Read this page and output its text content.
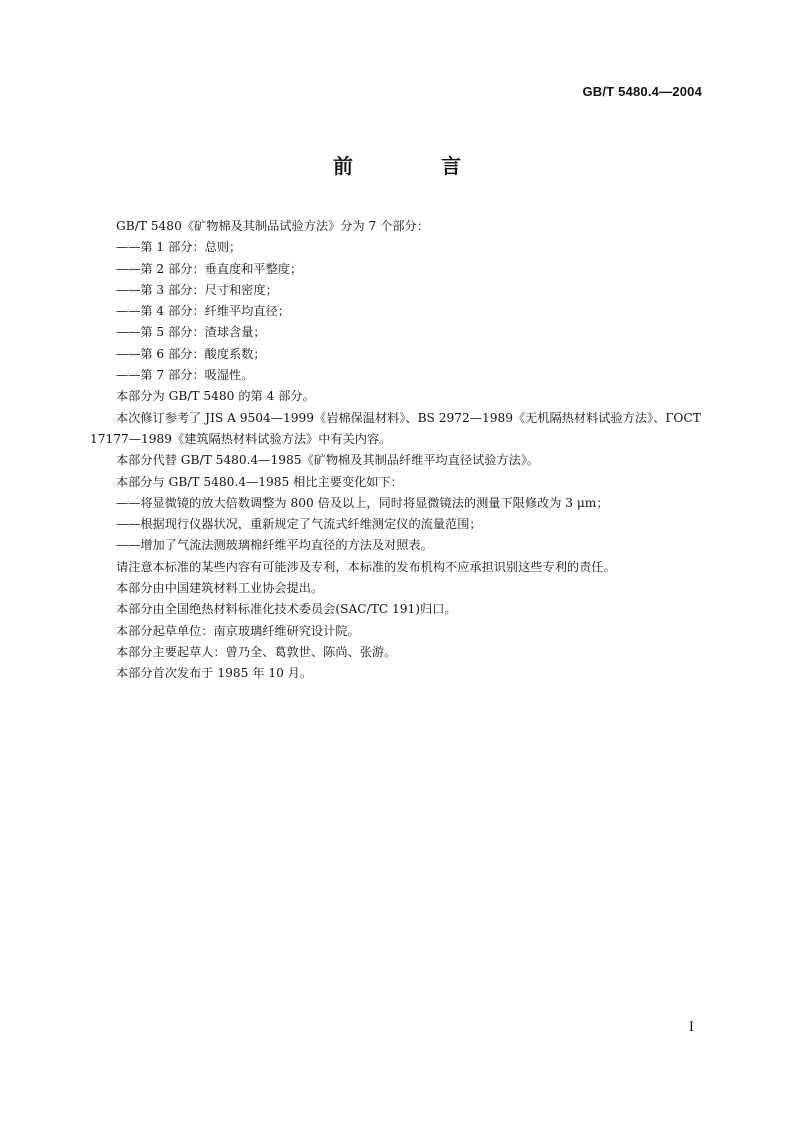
GB/T 5480.4—2004
前　言

GB/T 5480《矿物棉及其制品试验方法》分为 7 个部分：

——第 1 部分：总则；

——第 2 部分：垂直度和平整度；

——第 3 部分：尺寸和密度；

——第 4 部分：纤维平均直径；

——第 5 部分：渣球含量；

——第 6 部分：酸度系数；

——第 7 部分：吸湿性。

本部分为 GB/T 5480 的第 4 部分。

本次修订参考了 JIS A 9504—1999《岩棉保温材料》、BS 2972—1989《无机隔热材料试验方法》、ГОСТ 17177—1989《建筑隔热材料试验方法》中有关内容。

本部分代替 GB/T 5480.4—1985《矿物棉及其制品纤维平均直径试验方法》。

本部分与 GB/T 5480.4—1985 相比主要变化如下：

——将显微镜的放大倍数调整为 800 倍及以上，同时将显微镜法的测量下限修改为 3 μm；

——根据现行仪器状况，重新规定了气流式纤维测定仪的流量范围；

——增加了气流法测玻璃棉纤维平均直径的方法及对照表。

请注意本标准的某些内容有可能涉及专利，本标准的发布机构不应承担识别这些专利的责任。

本部分由中国建筑材料工业协会提出。

本部分由全国绝热材料标准化技术委员会(SAC/TC 191)归口。

本部分起草单位：南京玻璃纤维研究设计院。

本部分主要起草人：曾乃全、葛敦世、陈尚、张游。

本部分首次发布于 1985 年 10 月。

I
